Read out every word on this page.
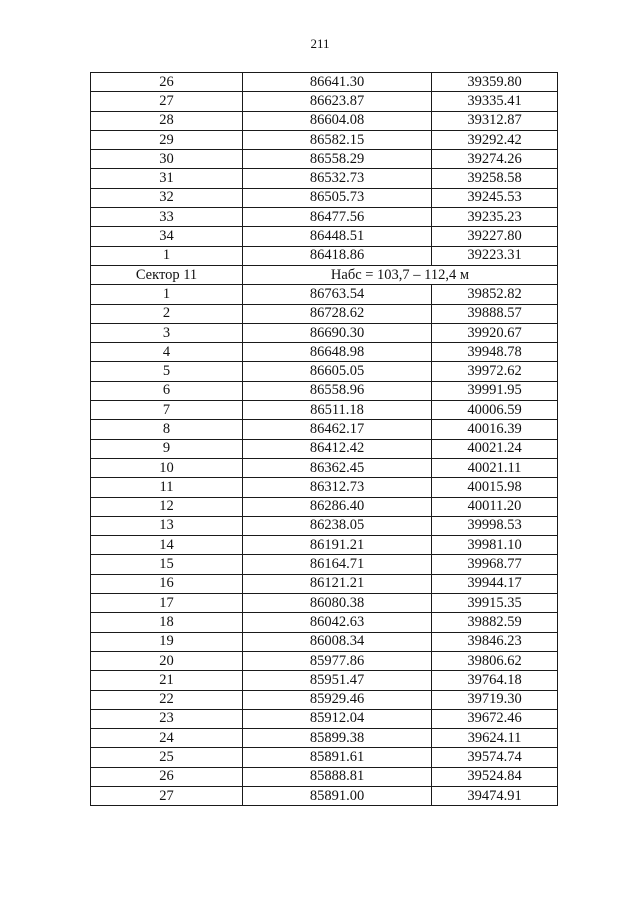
211
26	86641.30	39359.80
27	86623.87	39335.41
28	86604.08	39312.87
29	86582.15	39292.42
30	86558.29	39274.26
31	86532.73	39258.58
32	86505.73	39245.53
33	86477.56	39235.23
34	86448.51	39227.80
1	86418.86	39223.31
Сектор 11	Набс = 103,7 – 112,4 м	
1	86763.54	39852.82
2	86728.62	39888.57
3	86690.30	39920.67
4	86648.98	39948.78
5	86605.05	39972.62
6	86558.96	39991.95
7	86511.18	40006.59
8	86462.17	40016.39
9	86412.42	40021.24
10	86362.45	40021.11
11	86312.73	40015.98
12	86286.40	40011.20
13	86238.05	39998.53
14	86191.21	39981.10
15	86164.71	39968.77
16	86121.21	39944.17
17	86080.38	39915.35
18	86042.63	39882.59
19	86008.34	39846.23
20	85977.86	39806.62
21	85951.47	39764.18
22	85929.46	39719.30
23	85912.04	39672.46
24	85899.38	39624.11
25	85891.61	39574.74
26	85888.81	39524.84
27	85891.00	39474.91
